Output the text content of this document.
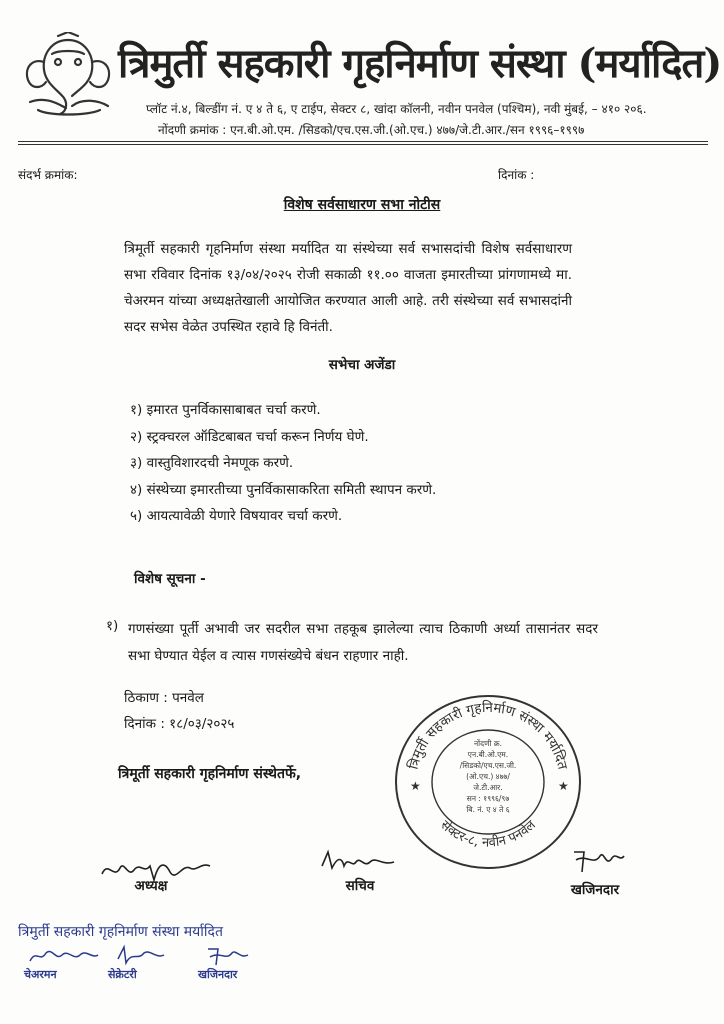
त्रिमुर्ती सहकारी गृहनिर्माण संस्था (मर्यादित)
प्लॉट नं.४, बिल्डींग नं. ए ४ ते ६, ए टाईप, सेक्टर ८, खांदा कॉलनी, नवीन पनवेल (पश्चिम), नवी मुंबई, – ४१० २०६.
नोंदणी क्रमांक : एन.बी.ओ.एम. /सिडको/एच.एस.जी.(ओ.एच.) ४७७/जे.टी.आर./सन १९९६–१९९७
संदर्भ क्रमांक:	दिनांक :
विशेष सर्वसाधारण सभा नोटीस
त्रिमूर्ती सहकारी गृहनिर्माण संस्था मर्यादित या संस्थेच्या सर्व सभासदांची विशेष सर्वसाधारण सभा रविवार दिनांक १३/०४/२०२५ रोजी सकाळी ११.०० वाजता इमारतीच्या प्रांगणामध्ये मा. चेअरमन यांच्या अध्यक्षतेखाली आयोजित करण्यात आली आहे. तरी संस्थेच्या सर्व सभासदांनी सदर सभेस वेळेत उपस्थित रहावे हि विनंती.
सभेचा अजेंडा
१) इमारत पुनर्विकासाबाबत चर्चा करणे.
२) स्ट्रक्चरल ऑडिटबाबत चर्चा करून निर्णय घेणे.
३) वास्तुविशारदची नेमणूक करणे.
४) संस्थेच्या इमारतीच्या पुनर्विकासाकरिता समिती स्थापन करणे.
५) आयत्यावेळी येणारे विषयावर चर्चा करणे.
विशेष सूचना -
१) गणसंख्या पूर्ती अभावी जर सदरील सभा तहकूब झालेल्या त्याच ठिकाणी अर्ध्या तासानंतर सदर सभा घेण्यात येईल व त्यास गणसंख्येचे बंधन राहणार नाही.
ठिकाण : पनवेल
दिनांक : १८/०३/२०२५
त्रिमूर्ती सहकारी गृहनिर्माण संस्थेतर्फे,
त्रिमुर्ती सहकारी गृहनिर्माण संस्था मर्यादित
सेक्टर-८, नवीन पनवेल
★	★
नोंदणी क्र.
एन.बी.ओ.एम.
/सिडको/एच.एस.जी.
(ओ.एच.) ४७७/
जे.टी.आर.
सन : १९९६/९७
बि. नं. ए ४ ते ६
अध्यक्ष	सचिव	खजिनदार
त्रिमुर्ती सहकारी गृहनिर्माण संस्था मर्यादित
चेअरमन	सेक्रेटरी	खजिनदार
